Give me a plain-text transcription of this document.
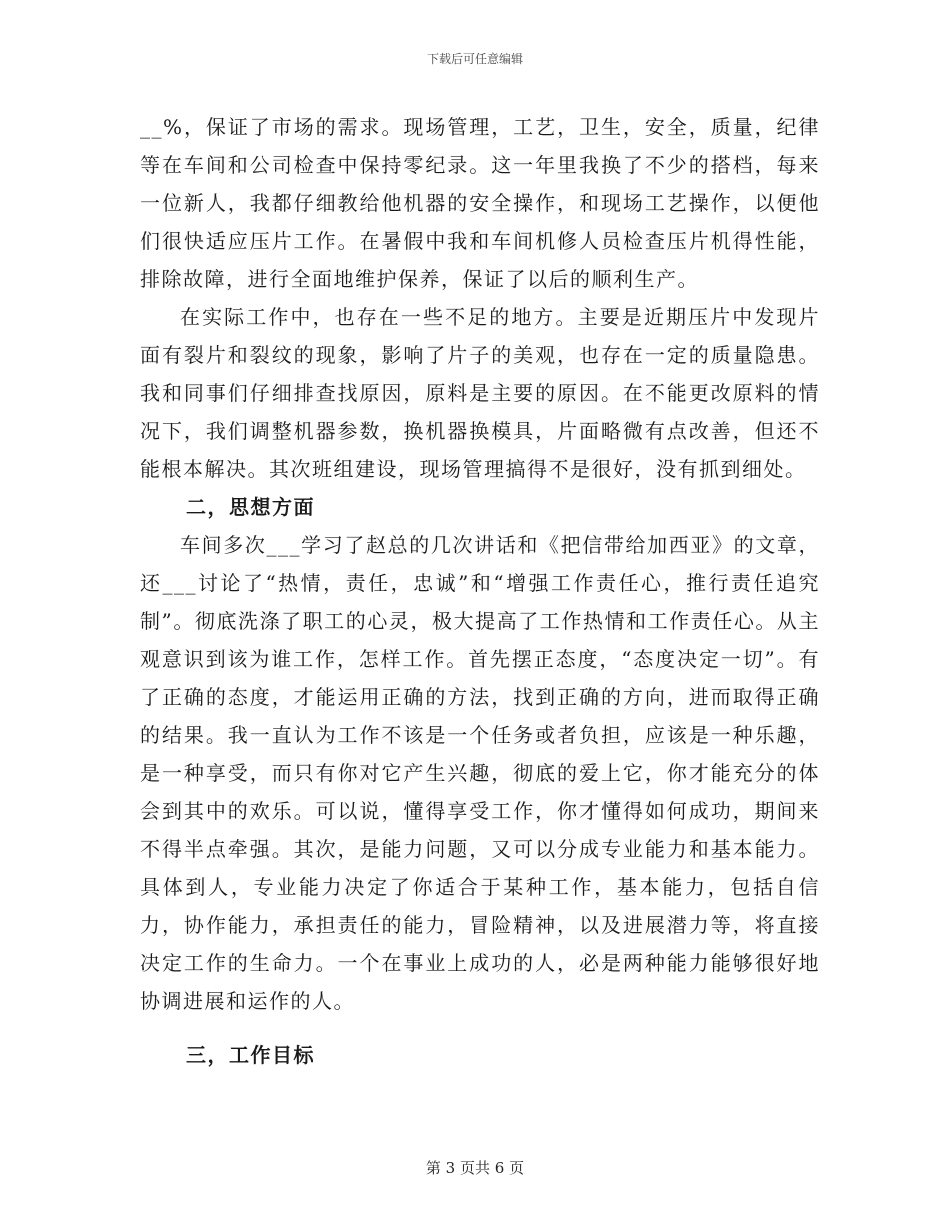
下载后可任意编辑

__%，保证了市场的需求。现场管理，工艺，卫生，安全，质量，纪律等在车间和公司检查中保持零纪录。这一年里我换了不少的搭档，每来一位新人，我都仔细教给他机器的安全操作，和现场工艺操作，以便他们很快适应压片工作。在暑假中我和车间机修人员检查压片机得性能，排除故障，进行全面地维护保养，保证了以后的顺利生产。

在实际工作中，也存在一些不足的地方。主要是近期压片中发现片面有裂片和裂纹的现象，影响了片子的美观，也存在一定的质量隐患。我和同事们仔细排查找原因，原料是主要的原因。在不能更改原料的情况下，我们调整机器参数，换机器换模具，片面略微有点改善，但还不能根本解决。其次班组建设，现场管理搞得不是很好，没有抓到细处。

二，思想方面

车间多次___学习了赵总的几次讲话和《把信带给加西亚》的文章，还___讨论了“热情，责任，忠诚”和“增强工作责任心，推行责任追究制”。彻底洗涤了职工的心灵，极大提高了工作热情和工作责任心。从主观意识到该为谁工作，怎样工作。首先摆正态度，“态度决定一切”。有了正确的态度，才能运用正确的方法，找到正确的方向，进而取得正确的结果。我一直认为工作不该是一个任务或者负担，应该是一种乐趣，是一种享受，而只有你对它产生兴趣，彻底的爱上它，你才能充分的体会到其中的欢乐。可以说，懂得享受工作，你才懂得如何成功，期间来不得半点牵强。其次，是能力问题，又可以分成专业能力和基本能力。具体到人，专业能力决定了你适合于某种工作，基本能力，包括自信力，协作能力，承担责任的能力，冒险精神，以及进展潜力等，将直接决定工作的生命力。一个在事业上成功的人，必是两种能力能够很好地协调进展和运作的人。

三，工作目标

第 3 页共 6 页
